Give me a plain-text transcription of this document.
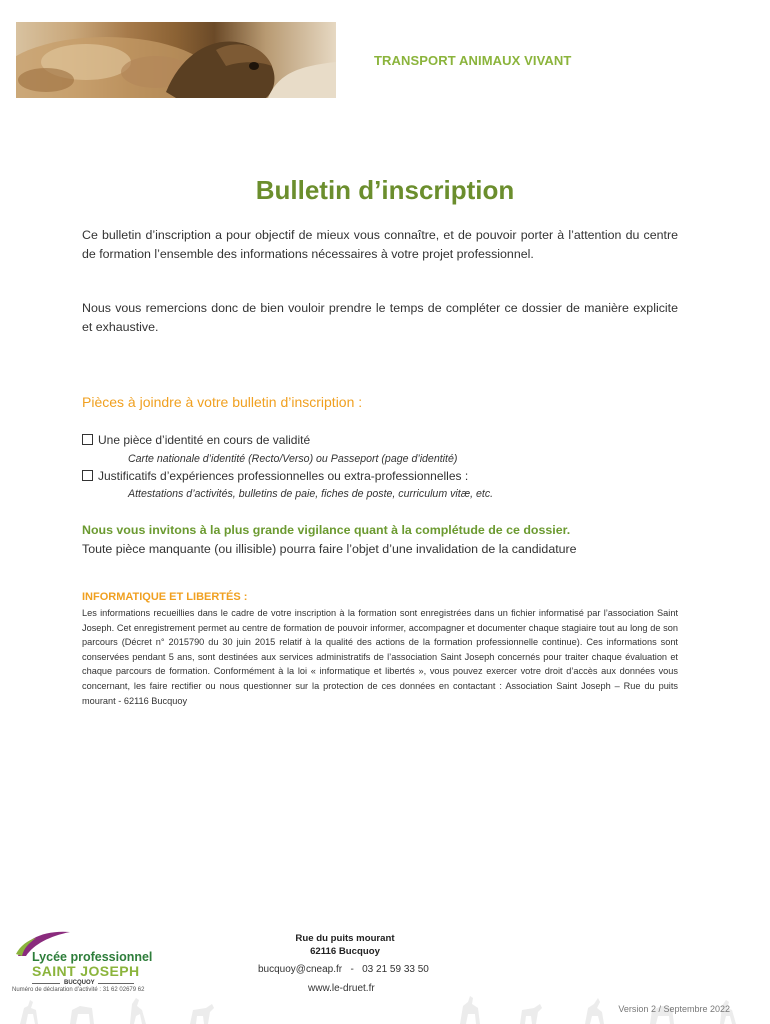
TRANSPORT ANIMAUX VIVANT
Bulletin d’inscription
Ce bulletin d’inscription a pour objectif de mieux vous connaître, et de pouvoir porter à l’attention du centre de formation l’ensemble des informations nécessaires à votre projet professionnel.
Nous vous remercions donc de bien vouloir prendre le temps de compléter ce dossier de manière explicite et exhaustive.
Pièces à joindre à votre bulletin d’inscription :
Une pièce d’identité en cours de validité
Carte nationale d’identité (Recto/Verso) ou Passeport (page d’identité)
Justificatifs d’expériences professionnelles ou extra-professionnelles :
Attestations d’activités, bulletins de paie, fiches de poste, curriculum vitæ, etc.
Nous vous invitons à la plus grande vigilance quant à la complétude de ce dossier.
Toute pièce manquante (ou illisible) pourra faire l’objet d’une invalidation de la candidature
INFORMATIQUE ET LIBERTÉS :
Les informations recueillies dans le cadre de votre inscription à la formation sont enregistrées dans un fichier informatisé par l’association Saint Joseph. Cet enregistrement permet au centre de formation de pouvoir informer, accompagner et documenter chaque stagiaire tout au long de son parcours (Décret n° 2015790 du 30 juin 2015 relatif à la qualité des actions de la formation professionnelle continue). Ces informations sont conservées pendant 5 ans, sont destinées aux services administratifs de l’association Saint Joseph concernés pour traiter chaque évaluation et chaque parcours de formation. Conformément à la loi « informatique et libertés », vous pouvez exercer votre droit d’accès aux données vous concernant, les faire rectifier ou nous questionner sur la protection de ces données en contactant : Association Saint Joseph – Rue du puits mourant - 62116 Bucquoy
Lycée professionnel
SAINT JOSEPH
BUCQUOY
Numéro de déclaration d’activité : 31 62 02679 62
Rue du puits mourant
62116 Bucquoy
bucquoy@cneap.fr - 03 21 59 33 50
www.le-druet.fr
Version 2 / Septembre 2022
